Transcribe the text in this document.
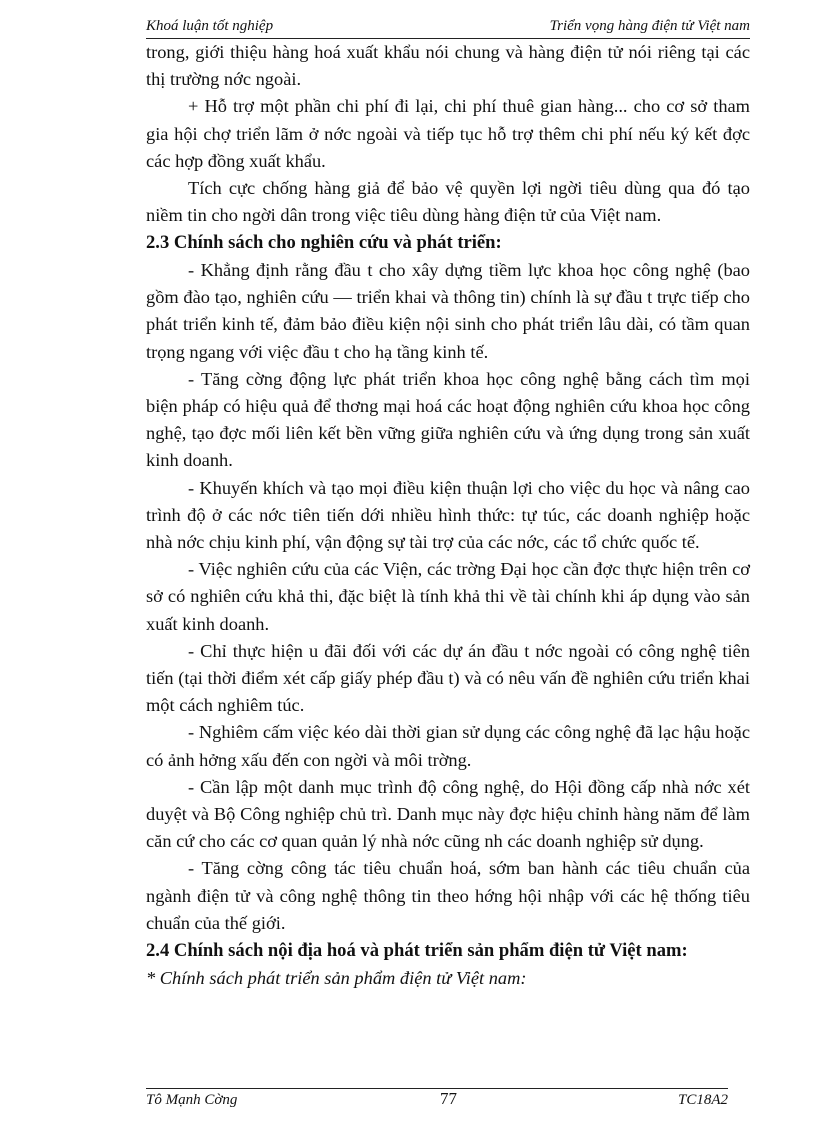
Khoá luận tốt nghiệp	Triển vọng hàng điện tử Việt nam

trong, giới thiệu hàng hoá xuất khẩu nói chung và hàng điện tử nói riêng tại các thị trường nớc ngoài.

+ Hỗ trợ một phần chi phí đi lại, chi phí thuê gian hàng... cho cơ sở tham gia hội chợ triển lãm ở nớc ngoài và tiếp tục hỗ trợ thêm chi phí nếu ký kết đợc các hợp đồng xuất khẩu.

Tích cực chống hàng giả để bảo vệ quyền lợi ngời tiêu dùng qua đó tạo niềm tin cho ngời dân trong việc tiêu dùng hàng điện tử của Việt nam.

2.3 Chính sách cho nghiên cứu và phát triển:

- Khẳng định rằng đầu t cho xây dựng tiềm lực khoa học công nghệ (bao gồm đào tạo, nghiên cứu — triển khai và thông tin) chính là sự đầu t trực tiếp cho phát triển kinh tế, đảm bảo điều kiện nội sinh cho phát triển lâu dài, có tầm quan trọng ngang với việc đầu t cho hạ tầng kinh tế.

- Tăng cờng động lực phát triển khoa học công nghệ bằng cách tìm mọi biện pháp có hiệu quả để thơng mại hoá các hoạt động nghiên cứu khoa học công nghệ, tạo đợc mối liên kết bền vững giữa nghiên cứu và ứng dụng trong sản xuất kinh doanh.

- Khuyến khích và tạo mọi điều kiện thuận lợi cho việc du học và nâng cao trình độ ở các nớc tiên tiến dới nhiều hình thức: tự túc, các doanh nghiệp hoặc nhà nớc chịu kinh phí, vận động sự tài trợ của các nớc, các tổ chức quốc tế.

- Việc nghiên cứu của các Viện, các trờng Đại học cần đợc thực hiện trên cơ sở có nghiên cứu khả thi, đặc biệt là tính khả thi về tài chính khi áp dụng vào sản xuất kinh doanh.

- Chỉ thực hiện u đãi đối với các dự án đầu t nớc ngoài có công nghệ tiên tiến (tại thời điểm xét cấp giấy phép đầu t) và có nêu vấn đề nghiên cứu triển khai một cách nghiêm túc.

- Nghiêm cấm việc kéo dài thời gian sử dụng các công nghệ đã lạc hậu hoặc có ảnh hởng xấu đến con ngời và môi trờng.

- Cần lập một danh mục trình độ công nghệ, do Hội đồng cấp nhà nớc xét duyệt và Bộ Công nghiệp chủ trì. Danh mục này đợc hiệu chỉnh hàng năm để làm căn cứ cho các cơ quan quản lý nhà nớc cũng nh các doanh nghiệp sử dụng.

- Tăng cờng công tác tiêu chuẩn hoá, sớm ban hành các tiêu chuẩn của ngành điện tử và công nghệ thông tin theo hớng hội nhập với các hệ thống tiêu chuẩn của thế giới.

2.4 Chính sách nội địa hoá và phát triển sản phẩm điện tử Việt nam:

* Chính sách phát triển sản phẩm điện tử Việt nam:

Tô Mạnh Cờng	77	TC18A2
